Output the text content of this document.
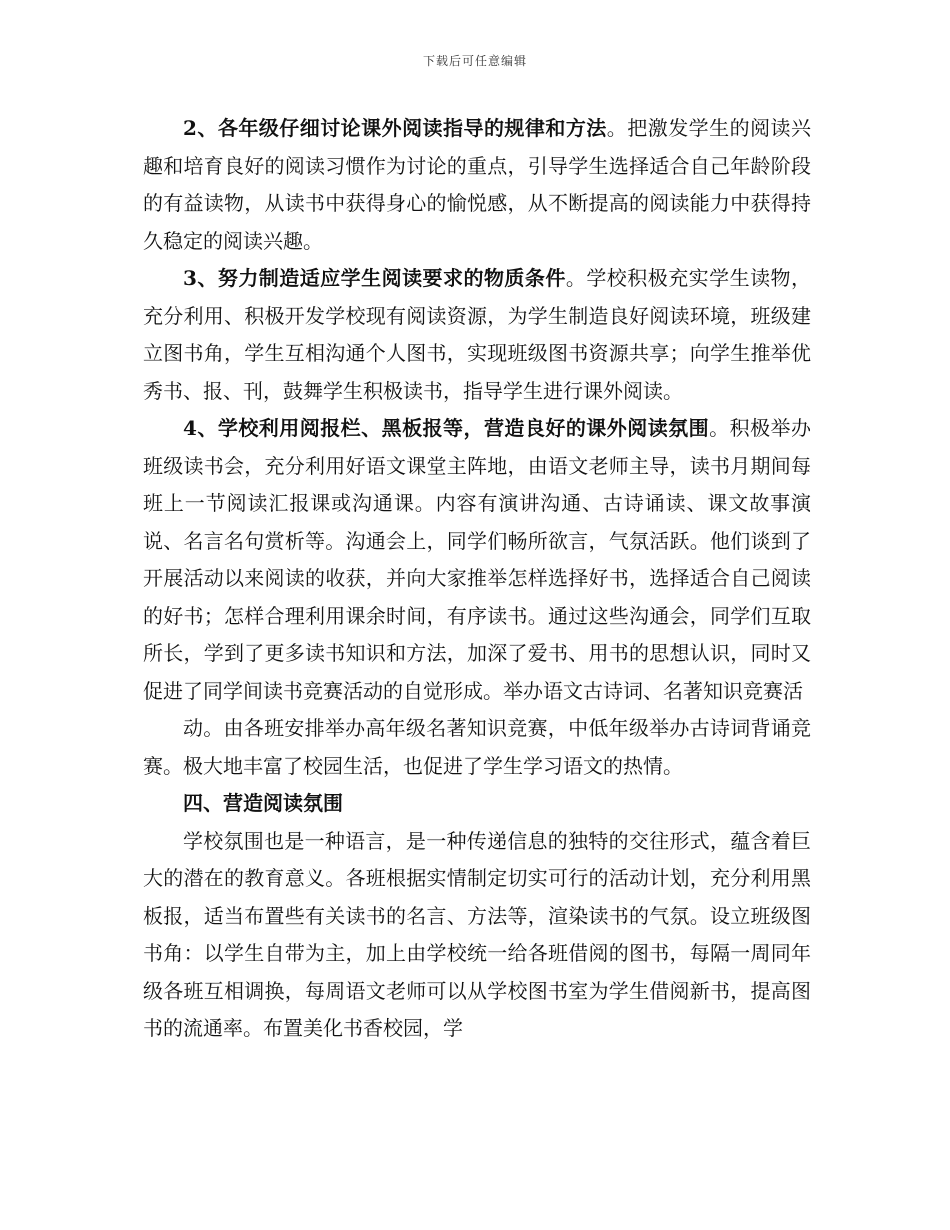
下载后可任意编辑

2、各年级仔细讨论课外阅读指导的规律和方法。把激发学生的阅读兴趣和培育良好的阅读习惯作为讨论的重点，引导学生选择适合自己年龄阶段的有益读物，从读书中获得身心的愉悦感，从不断提高的阅读能力中获得持久稳定的阅读兴趣。

3、努力制造适应学生阅读要求的物质条件。学校积极充实学生读物，充分利用、积极开发学校现有阅读资源，为学生制造良好阅读环境，班级建立图书角，学生互相沟通个人图书，实现班级图书资源共享；向学生推举优秀书、报、刊，鼓舞学生积极读书，指导学生进行课外阅读。

4、学校利用阅报栏、黑板报等，营造良好的课外阅读氛围。积极举办班级读书会，充分利用好语文课堂主阵地，由语文老师主导，读书月期间每班上一节阅读汇报课或沟通课。内容有演讲沟通、古诗诵读、课文故事演说、名言名句赏析等。沟通会上，同学们畅所欲言，气氛活跃。他们谈到了开展活动以来阅读的收获，并向大家推举怎样选择好书，选择适合自己阅读的好书；怎样合理利用课余时间，有序读书。通过这些沟通会，同学们互取所长，学到了更多读书知识和方法，加深了爱书、用书的思想认识，同时又促进了同学间读书竞赛活动的自觉形成。举办语文古诗词、名著知识竞赛活

动。由各班安排举办高年级名著知识竞赛，中低年级举办古诗词背诵竞赛。极大地丰富了校园生活，也促进了学生学习语文的热情。

四、营造阅读氛围

学校氛围也是一种语言，是一种传递信息的独特的交往形式，蕴含着巨大的潜在的教育意义。各班根据实情制定切实可行的活动计划，充分利用黑板报，适当布置些有关读书的名言、方法等，渲染读书的气氛。设立班级图书角：以学生自带为主，加上由学校统一给各班借阅的图书，每隔一周同年级各班互相调换，每周语文老师可以从学校图书室为学生借阅新书，提高图书的流通率。布置美化书香校园，学
